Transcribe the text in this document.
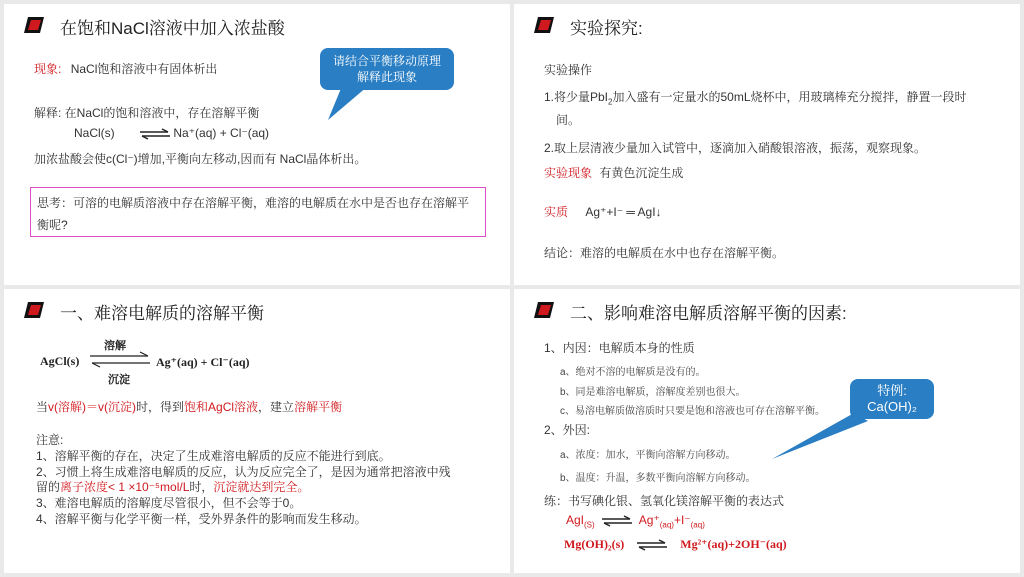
在饱和NaCl溶液中加入浓盐酸
现象: NaCl饱和溶液中有固体析出
请结合平衡移动原理
解释此现象
解释: 在NaCl的饱和溶液中，存在溶解平衡
NaCl(s) ⇌ Na⁺(aq) + Cl⁻(aq)
加浓盐酸会使c(Cl⁻)增加,平衡向左移动,因而有 NaCl晶体析出。
思考：可溶的电解质溶液中存在溶解平衡，难溶的电解质在水中是否也存在溶解平衡呢?
实验探究:
实验操作
1.将少量PbI$_2$加入盛有一定量水的50mL烧杯中，用玻璃棒充分搅拌，静置一段时
间。
2.取上层清液少量加入试管中，逐滴加入硝酸银溶液，振荡，观察现象。
实验现象 有黄色沉淀生成
实质 Ag⁺+I⁻ ═ AgI↓
结论：难溶的电解质在水中也存在溶解平衡。
一、难溶电解质的溶解平衡
AgCl(s)
溶解
沉淀
Ag⁺(aq) + Cl⁻(aq)
当v(溶解)＝v(沉淀)时，得到饱和AgCl溶液，建立溶解平衡
注意:
1、溶解平衡的存在，决定了生成难溶电解质的反应不能进行到底。
2、习惯上将生成难溶电解质的反应，认为反应完全了，是因为通常把溶液中残
留的离子浓度< 1 ×10⁻⁵mol/L时，沉淀就达到完全。
3、难溶电解质的溶解度尽管很小，但不会等于0。
4、溶解平衡与化学平衡一样，受外界条件的影响而发生移动。
二、影响难溶电解质溶解平衡的因素:
1、内因：电解质本身的性质
a、绝对不溶的电解质是没有的。
b、同是难溶电解质，溶解度差别也很大。
c、易溶电解质做溶质时只要是饱和溶液也可存在溶解平衡。
特例:
Ca(OH)₂
2、外因:
a、浓度：加水，平衡向溶解方向移动。
b、温度：升温，多数平衡向溶解方向移动。
练：书写碘化银、氢氧化镁溶解平衡的表达式
AgI$_{(S)}$ ⇌ $Ag^+_{(aq)}+I^-_{(aq)}$
Mg(OH)₂(s) ⇌ Mg²⁺(aq)+2OH⁻(aq)
